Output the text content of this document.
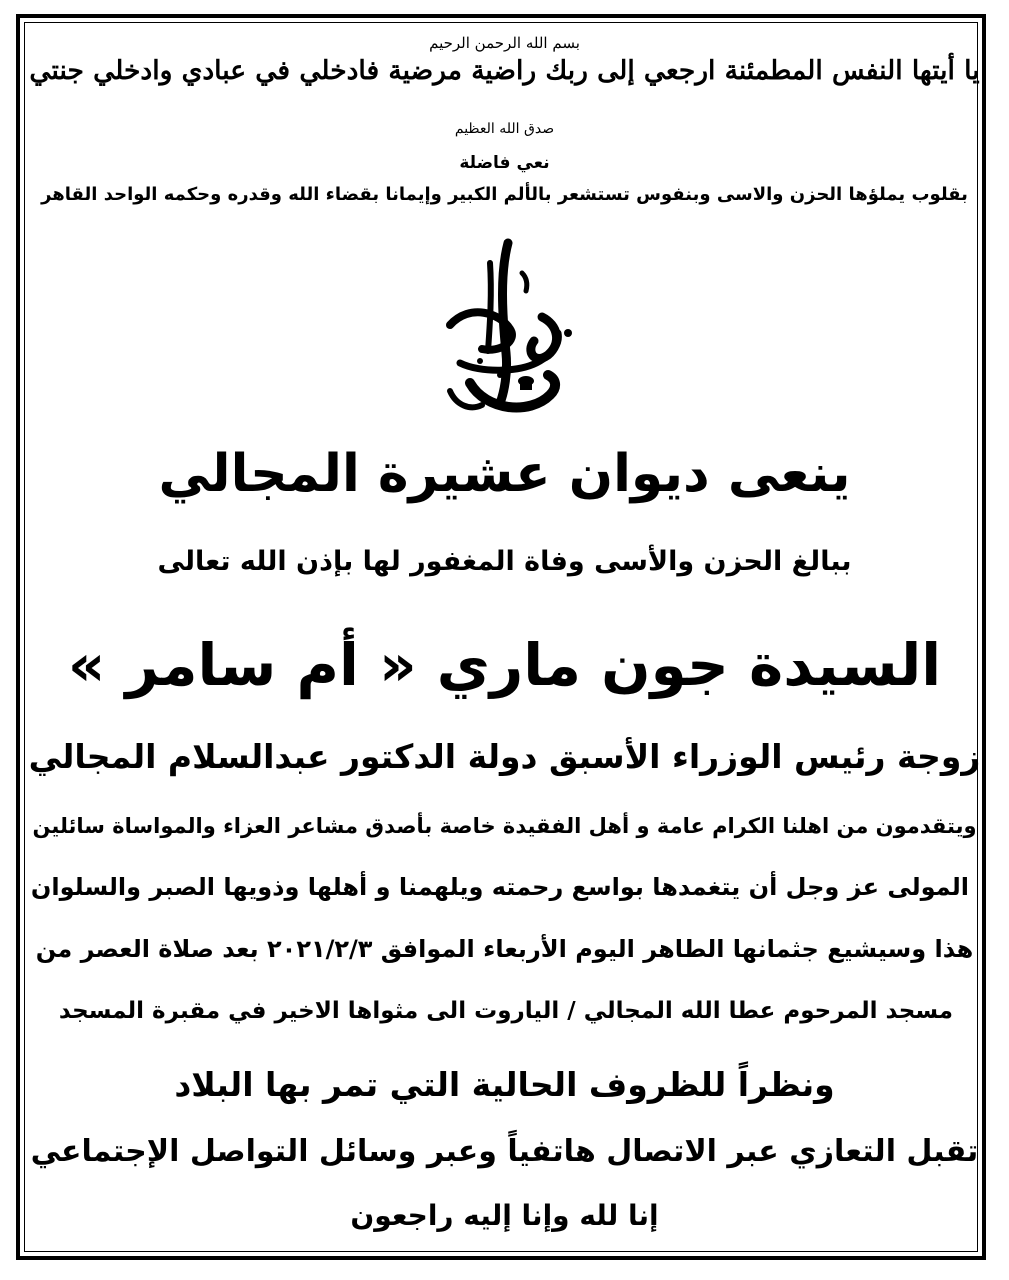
بسم الله الرحمن الرحيم
يا أيتها النفس المطمئنة ارجعي إلى ربك راضية مرضية فادخلي في عبادي وادخلي جنتي
صدق الله العظيم
نعي فاضلة
بقلوب يملؤها الحزن والاسى وبنفوس تستشعر بالألم الكبير وإيمانا بقضاء الله وقدره وحكمه الواحد القاهر
ينعى ديوان عشيرة المجالي
ببالغ الحزن والأسى وفاة المغفور لها بإذن الله تعالى
السيدة جون ماري « أم سامر »
زوجة رئيس الوزراء الأسبق دولة الدكتور عبدالسلام المجالي
ويتقدمون من اهلنا الكرام عامة و أهل الفقيدة خاصة بأصدق مشاعر العزاء والمواساة سائلين
المولى عز وجل أن يتغمدها بواسع رحمته ويلهمنا و أهلها وذويها الصبر والسلوان
هذا وسيشيع جثمانها الطاهر اليوم الأربعاء الموافق ٢٠٢١/٢/٣ بعد صلاة العصر من
مسجد المرحوم عطا الله المجالي / الياروت الى مثواها الاخير في مقبرة المسجد
ونظراً للظروف الحالية التي تمر بها البلاد
تقبل التعازي عبر الاتصال هاتفياً وعبر وسائل التواصل الإجتماعي
إنا لله وإنا إليه راجعون
